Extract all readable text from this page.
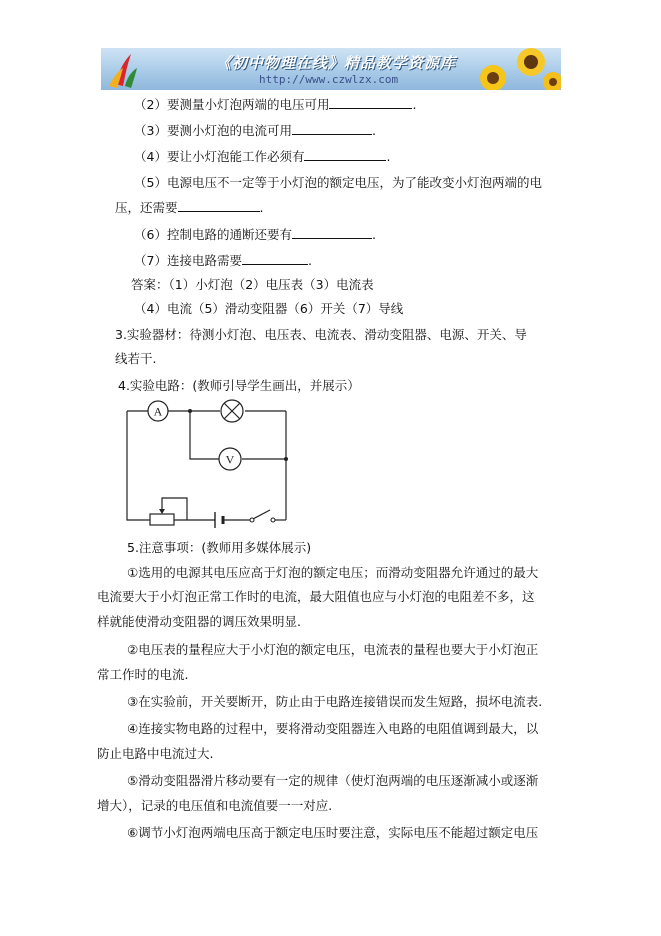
《初中物理在线》精品教学资源库
http://www.czwlzx.com
（2）要测量小灯泡两端的电压可用	.
（3）要测小灯泡的电流可用	.
（4）要让小灯泡能工作必须有	.
（5）电源电压不一定等于小灯泡的额定电压，为了能改变小灯泡两端的电
压，还需要	.
（6）控制电路的通断还要有	.
（7）连接电路需要	.
答案：（1）小灯泡（2）电压表（3）电流表
（4）电流（5）滑动变阻器（6）开关（7）导线
3.实验器材：待测小灯泡、电压表、电流表、滑动变阻器、电源、开关、导
线若干.
4.实验电路：(教师引导学生画出，并展示）
A
V
5.注意事项：(教师用多媒体展示)
①选用的电源其电压应高于灯泡的额定电压；而滑动变阻器允许通过的最大
电流要大于小灯泡正常工作时的电流，最大阻值也应与小灯泡的电阻差不多，这
样就能使滑动变阻器的调压效果明显.
②电压表的量程应大于小灯泡的额定电压，电流表的量程也要大于小灯泡正
常工作时的电流.
③在实验前，开关要断开，防止由于电路连接错误而发生短路，损坏电流表.
④连接实物电路的过程中，要将滑动变阻器连入电路的电阻值调到最大，以
防止电路中电流过大.
⑤滑动变阻器滑片移动要有一定的规律（使灯泡两端的电压逐渐减小或逐渐
增大），记录的电压值和电流值要一一对应.
⑥调节小灯泡两端电压高于额定电压时要注意，实际电压不能超过额定电压
